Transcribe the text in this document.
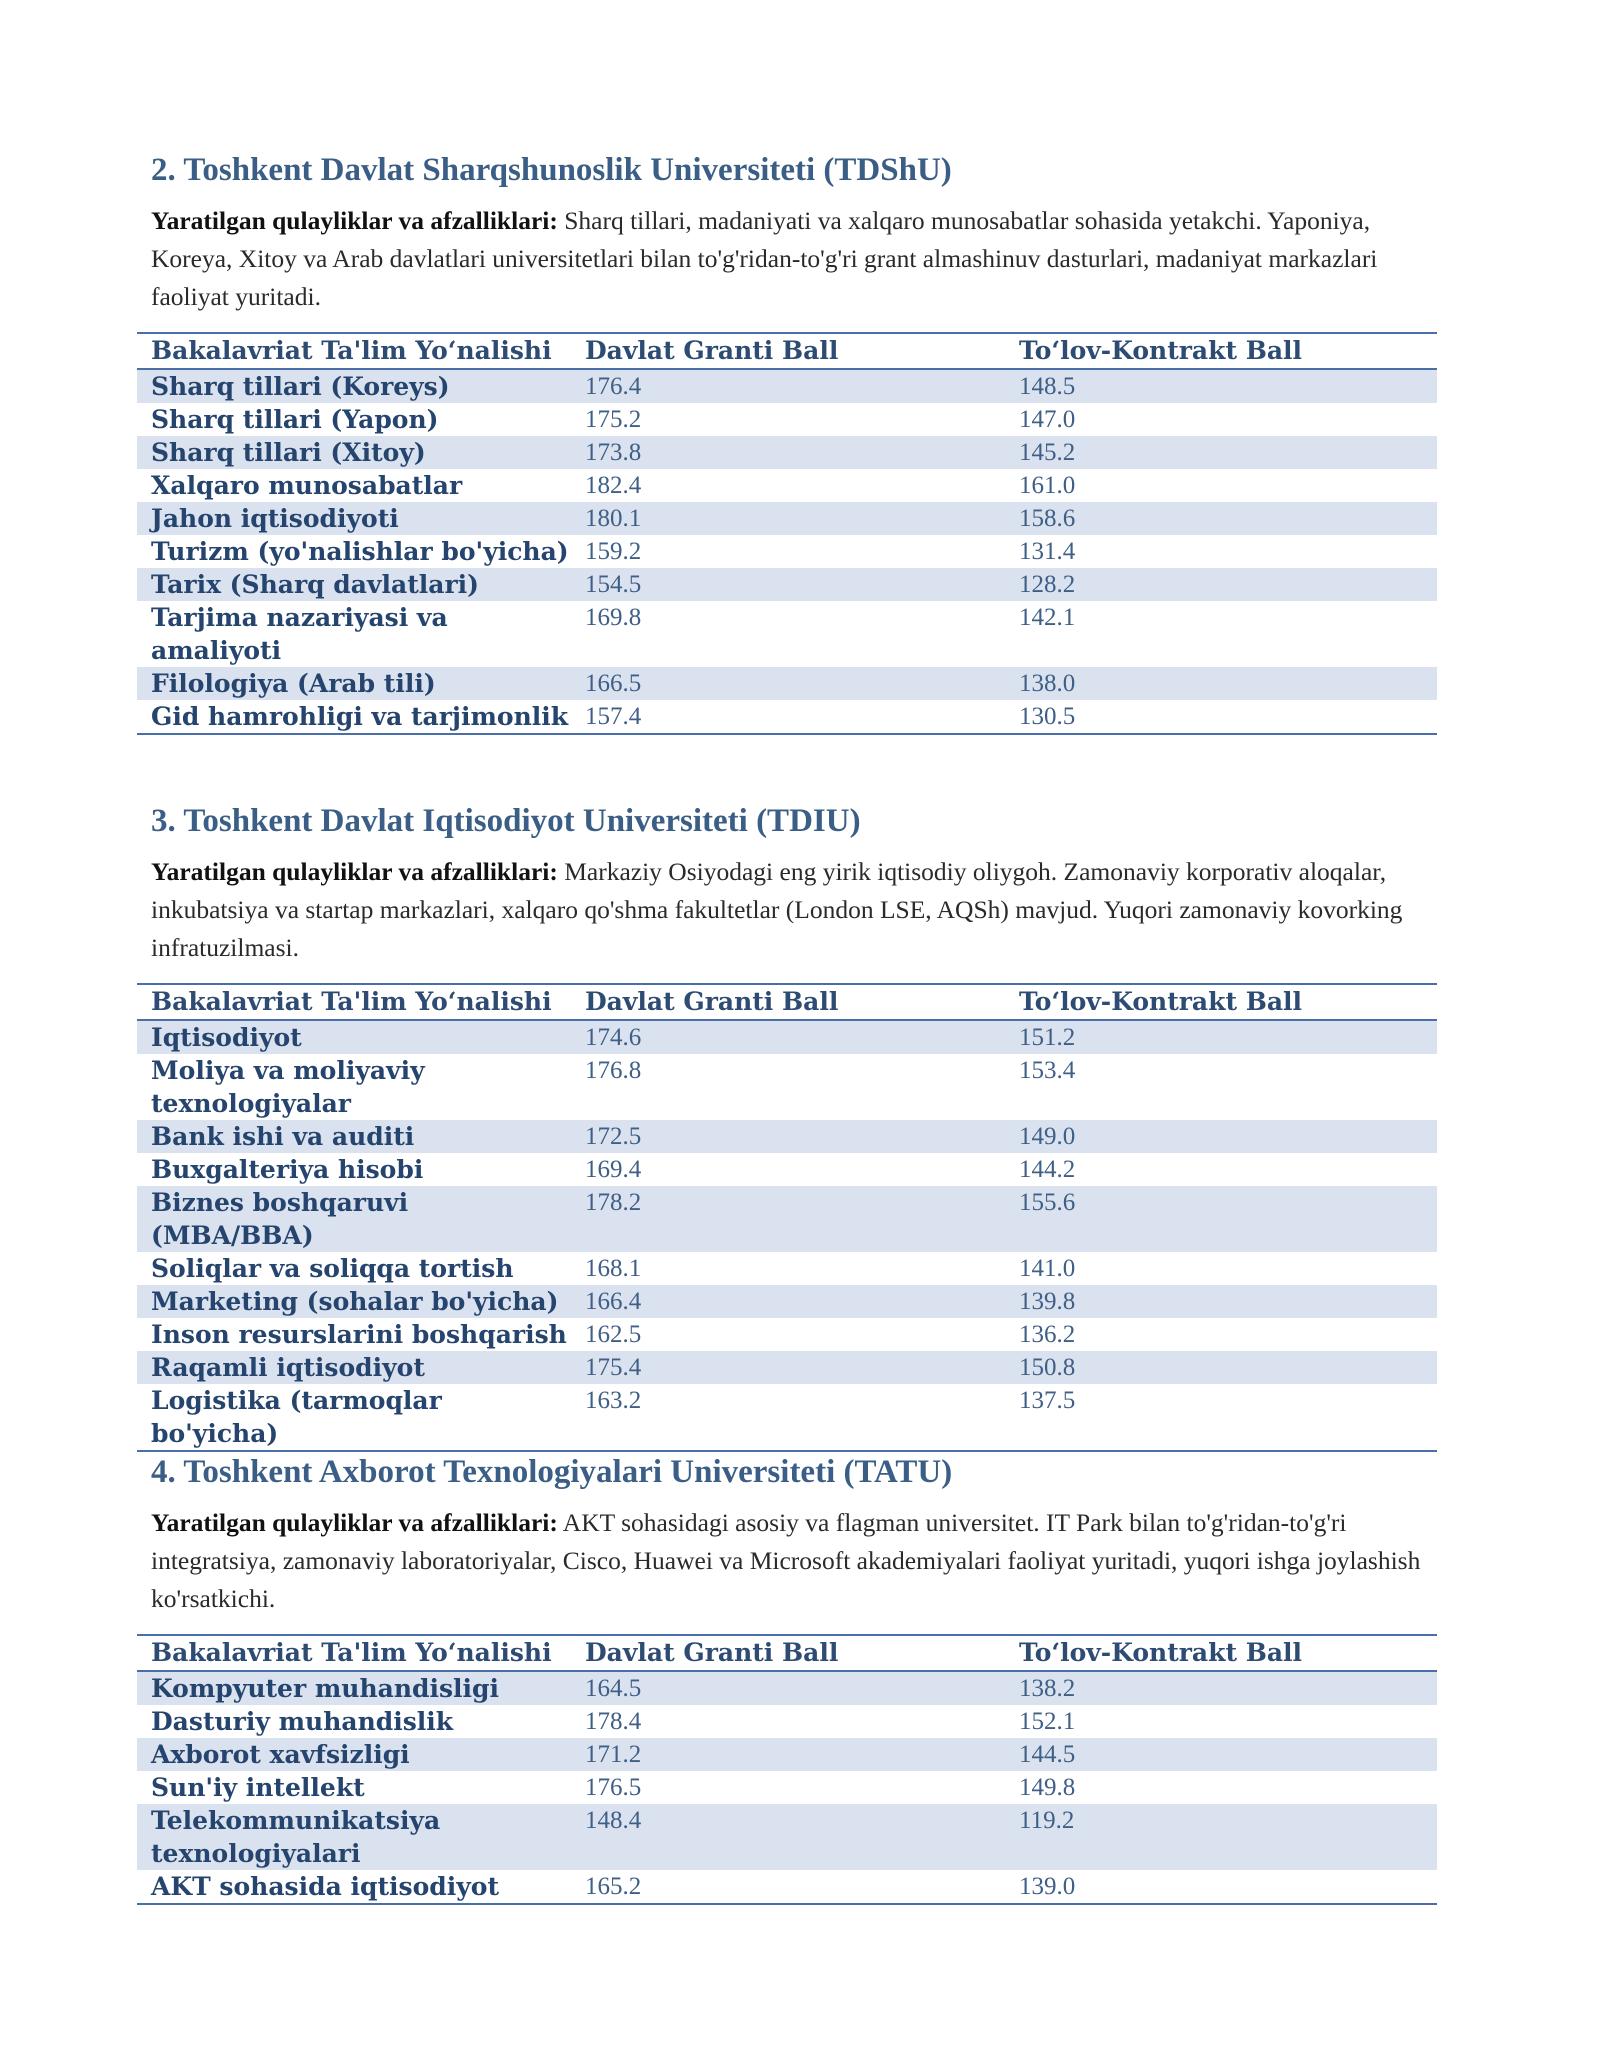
2. Toshkent Davlat Sharqshunoslik Universiteti (TDShU)

Yaratilgan qulayliklar va afzalliklari: Sharq tillari, madaniyati va xalqaro munosabatlar sohasida yetakchi. Yaponiya, Koreya, Xitoy va Arab davlatlari universitetlari bilan to'g'ridan-to'g'ri grant almashinuv dasturlari, madaniyat markazlari faoliyat yuritadi.

Bakalavriat Ta'lim Yo‘nalishi	Davlat Granti Ball	To‘lov-Kontrakt Ball
Sharq tillari (Koreys)	176.4	148.5
Sharq tillari (Yapon)	175.2	147.0
Sharq tillari (Xitoy)	173.8	145.2
Xalqaro munosabatlar	182.4	161.0
Jahon iqtisodiyoti	180.1	158.6
Turizm (yo'nalishlar bo'yicha)	159.2	131.4
Tarix (Sharq davlatlari)	154.5	128.2
Tarjima nazariyasi va amaliyoti	169.8	142.1
Filologiya (Arab tili)	166.5	138.0
Gid hamrohligi va tarjimonlik	157.4	130.5
3. Toshkent Davlat Iqtisodiyot Universiteti (TDIU)

Yaratilgan qulayliklar va afzalliklari: Markaziy Osiyodagi eng yirik iqtisodiy oliygoh. Zamonaviy korporativ aloqalar, inkubatsiya va startap markazlari, xalqaro qo'shma fakultetlar (London LSE, AQSh) mavjud. Yuqori zamonaviy kovorking infratuzilmasi.

Bakalavriat Ta'lim Yo‘nalishi	Davlat Granti Ball	To‘lov-Kontrakt Ball
Iqtisodiyot	174.6	151.2
Moliya va moliyaviy texnologiyalar	176.8	153.4
Bank ishi va auditi	172.5	149.0
Buxgalteriya hisobi	169.4	144.2
Biznes boshqaruvi (MBA/BBA)	178.2	155.6
Soliqlar va soliqqa tortish	168.1	141.0
Marketing (sohalar bo'yicha)	166.4	139.8
Inson resurslarini boshqarish	162.5	136.2
Raqamli iqtisodiyot	175.4	150.8
Logistika (tarmoqlar bo'yicha)	163.2	137.5
4. Toshkent Axborot Texnologiyalari Universiteti (TATU)

Yaratilgan qulayliklar va afzalliklari: AKT sohasidagi asosiy va flagman universitet. IT Park bilan to'g'ridan-to'g'ri integratsiya, zamonaviy laboratoriyalar, Cisco, Huawei va Microsoft akademiyalari faoliyat yuritadi, yuqori ishga joylashish ko'rsatkichi.

Bakalavriat Ta'lim Yo‘nalishi	Davlat Granti Ball	To‘lov-Kontrakt Ball
Kompyuter muhandisligi	164.5	138.2
Dasturiy muhandislik	178.4	152.1
Axborot xavfsizligi	171.2	144.5
Sun'iy intellekt	176.5	149.8
Telekommunikatsiya texnologiyalari	148.4	119.2
AKT sohasida iqtisodiyot	165.2	139.0
